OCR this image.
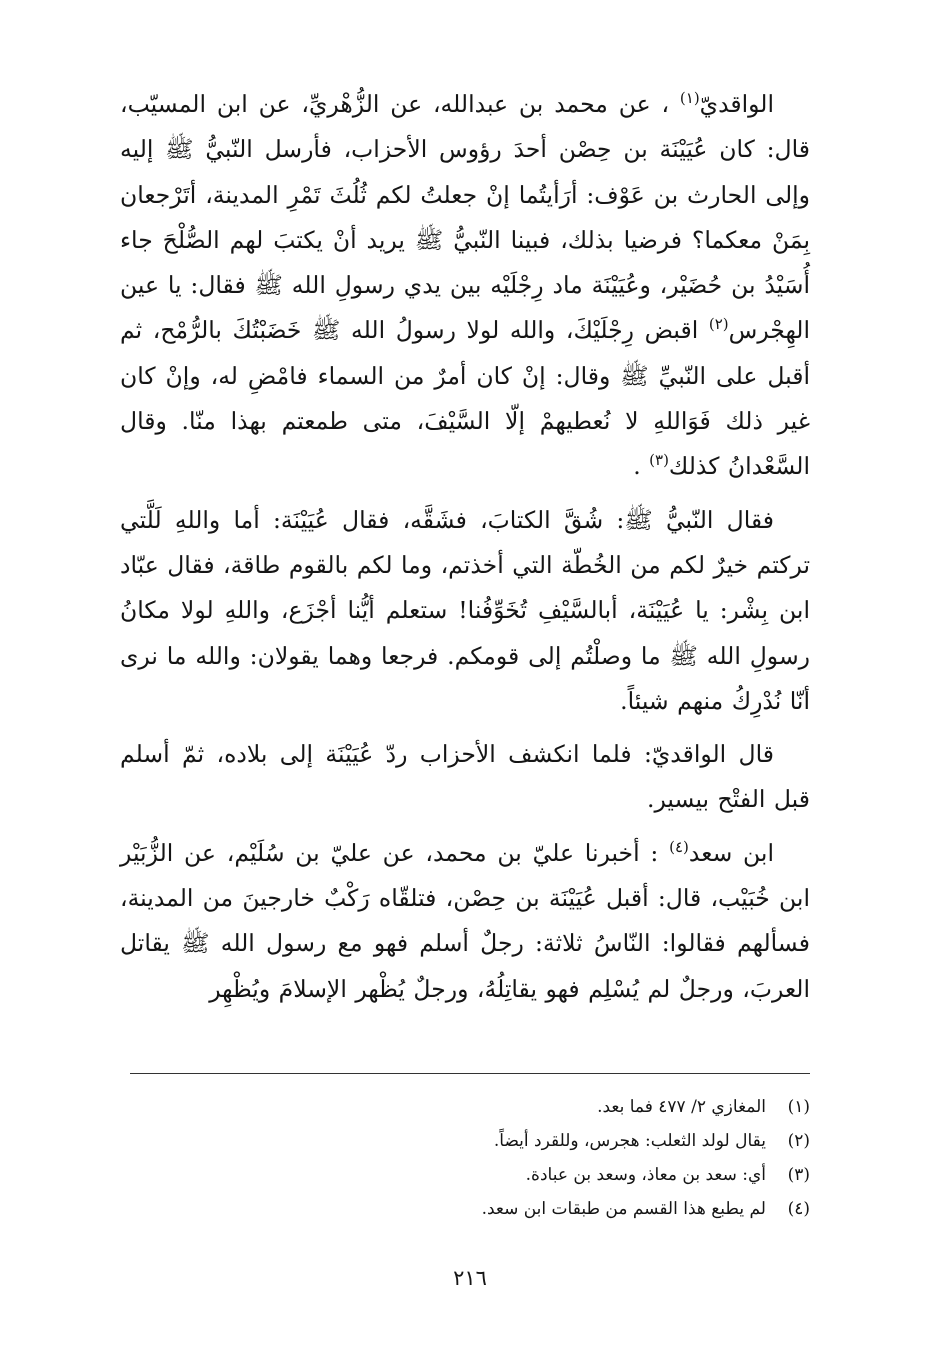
الواقديّ$^{(١)}$ ، عن محمد بن عبدالله، عن الزُّهْريِّ، عن ابن المسيّب، قال: كان عُيَيْنَة بن حِصْن أحدَ رؤوس الأحزاب، فأرسل النّبيُّ ﷺ إليه وإلى الحارث بن عَوْف: أرَأيتُما إنْ جعلتُ لكم ثُلُثَ تَمْرِ المدينة، أتَرْجعان بِمَنْ معكما؟ فرضيا بذلك، فبينا النّبيُّ ﷺ يريد أنْ يكتبَ لهم الصُّلْحَ جاء أُسَيْدُ بن حُضَيْر، وعُيَيْنَة ماد رِجْلَيْه بين يدي رسولِ الله ﷺ فقال: يا عين الهِجْرس$^{(٢)}$ اقبض رِجْلَيْكَ، والله لولا رسولُ الله ﷺ خَضَبْتُكَ بالرُّمْح، ثم أقبل على النّبيِّ ﷺ وقال: إنْ كان أمرٌ من السماء فامْضِ له، وإنْ كان غير ذلك فَوَاللهِ لا نُعطيهمْ إلّا السَّيْفَ، متى طمعتم بهذا منّا. وقال السَّعْدانُ كذلك$^{(٣)}$ .

فقال النّبيُّ ﷺ: شُقَّ الكتابَ، فشَقَّه، فقال عُيَيْنَة: أما واللهِ لَلَّتي تركتم خيرٌ لكم من الخُطّة التي أخذتم، وما لكم بالقوم طاقة، فقال عبّاد ابن بِشْر: يا عُيَيْنَة، أبالسَّيْفِ تُخَوِّفُنا! ستعلم أيُّنا أجْزَع، واللهِ لولا مكانُ رسولِ الله ﷺ ما وصلْتُم إلى قومكم. فرجعا وهما يقولان: والله ما نرى أنّا نُدْرِكُ منهم شيئاً.

قال الواقديّ: فلما انكشف الأحزاب ردّ عُيَيْنَة إلى بلاده، ثمّ أسلم قبل الفتْح بيسير.

ابن سعد$^{(٤)}$ : أخبرنا عليّ بن محمد، عن عليّ بن سُلَيْم، عن الزُّبَيْر ابن خُبَيْب، قال: أقبل عُيَيْنَة بن حِصْن، فتلقّاه رَكْبٌ خارجينَ من المدينة، فسألهم فقالوا: النّاسُ ثلاثة: رجلٌ أسلم فهو مع رسول الله ﷺ يقاتل العربَ، ورجلٌ لم يُسْلِم فهو يقاتِلُهُ، ورجلٌ يُظْهر الإسلامَ ويُظْهِر

(١)
المغازي ٢/ ٤٧٧ فما بعد.
(٢)
يقال لولد الثعلب: هجرس، وللقرد أيضاً.
(٣)
أي: سعد بن معاذ، وسعد بن عبادة.
(٤)
لم يطبع هذا القسم من طبقات ابن سعد.
٢١٦
